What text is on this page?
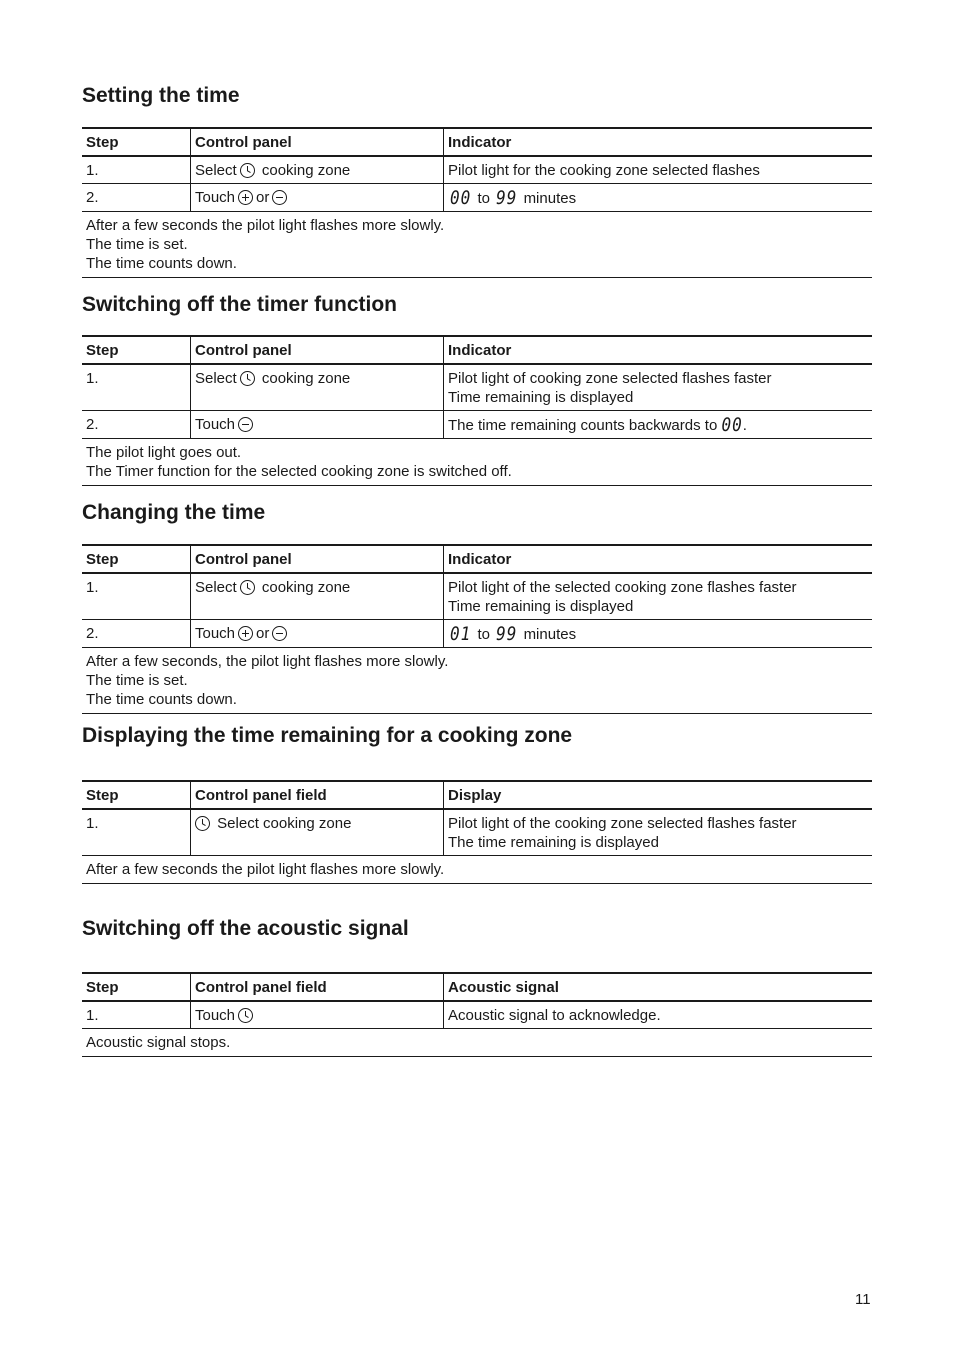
Setting the time
Step	Control panel	Indicator
1.	Select cooking zone	Pilot light for the cooking zone selected flashes
2.	Touch or	00 to 99 minutes

After a few seconds the pilot light flashes more slowly.
The time is set.
The time counts down.		
Switching off the timer function
Step	Control panel	Indicator
1.	Select cooking zone	Pilot light of cooking zone selected flashes faster
Time remaining is displayed

2.	Touch	The time remaining counts backwards to 00.

The pilot light goes out.
The Timer function for the selected cooking zone is switched off.		
Changing the time
Step	Control panel	Indicator
1.	Select cooking zone	Pilot light of the selected cooking zone flashes faster
Time remaining is displayed

2.	Touch or	01 to 99 minutes

After a few seconds, the pilot light flashes more slowly.
The time is set.
The time counts down.		
Displaying the time remaining for a cooking zone
Step	Control panel field	Display
1.	Select cooking zone	Pilot light of the cooking zone selected flashes faster
The time remaining is displayed

After a few seconds the pilot light flashes more slowly.		
Switching off the acoustic signal
Step	Control panel field	Acoustic signal
1.	Touch	Acoustic signal to acknowledge.

Acoustic signal stops.		
11
